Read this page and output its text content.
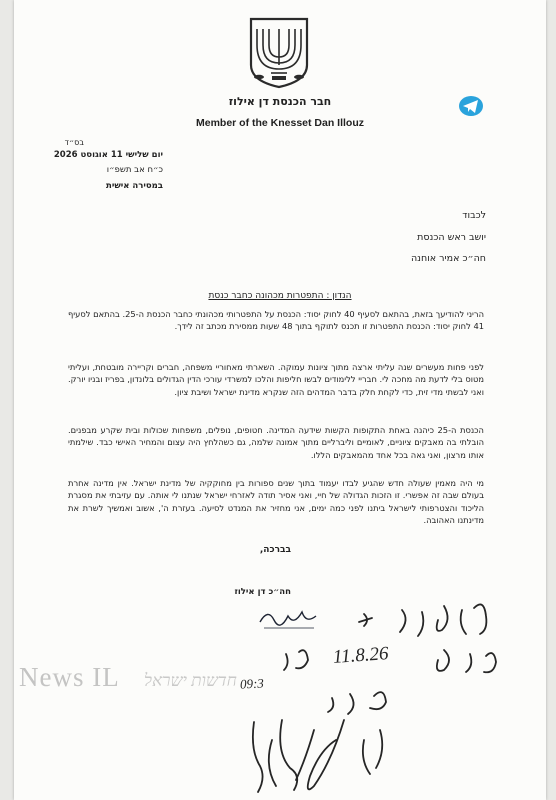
חבר הכנסת דן אילוז
Member of the Knesset Dan Illouz
בס״ד
יום שלישי 11 אוגוסט 2026
כ״ח אב תשפ״ו
במסירה אישית
לכבוד
יושב ראש הכנסת
חה״כ אמיר אוחנה
הנדון : התפטרות מכהונה כחבר כנסת
הריני להודיעך בזאת, בהתאם לסעיף 40 לחוק יסוד: הכנסת על התפטרותי מכהונתי כחבר הכנסת ה-25. בהתאם לסעיף 41 לחוק יסוד: הכנסת התפטרות זו תכנס לתוקף בתוך 48 שעות ממסירת מכתב זה לידך.
לפני פחות מעשרים שנה עליתי ארצה מתוך ציונות עמוקה. השארתי מאחוריי משפחה, חברים וקריירה מובטחת, ועליתי מטוס בלי לדעת מה מחכה לי. חבריי ללימודים לבשו חליפות והלכו למשרדי עורכי הדין הגדולים בלונדון, בפריז ובניו יורק. ואני לבשתי מדי זית, כדי לקחת חלק בדבר המדהים הזה שנקרא מדינת ישראל ושיבת ציון.
הכנסת ה-25 כיהנה באחת התקופות הקשות שידעה המדינה. חטופים, נופלים, משפחות שכולות ובית שקרע מבפנים. הובלתי בה מאבקים ציוניים, לאומיים וליברליים מתוך אמונה שלמה, גם כשהלחץ היה עצום והמחיר האישי כבד. שילמתי אותו מרצון, ואני גאה בכל אחד מהמאבקים הללו.
מי היה מאמין שעולה חדש שהגיע לבדו יעמוד בתוך שנים ספורות בין מחוקקיה של מדינת ישראל. אין מדינה אחרת בעולם שבה זה אפשרי. זו הזכות הגדולה של חיי, ואני אסיר תודה לאזרחי ישראל שנתנו לי אותה. עם עזיבתי את מסגרת הליכוד והצטרפותי לישראל ביתנו לפני כמה ימים, אני מחזיר את המנדט לסיעה. בעזרת ה', אשוב ואמשיך לשרת את מדינתנו האהובה.
בברכה,
חה״כ דן אילוז
11.8.26
09:3
News IL חדשות ישראל
